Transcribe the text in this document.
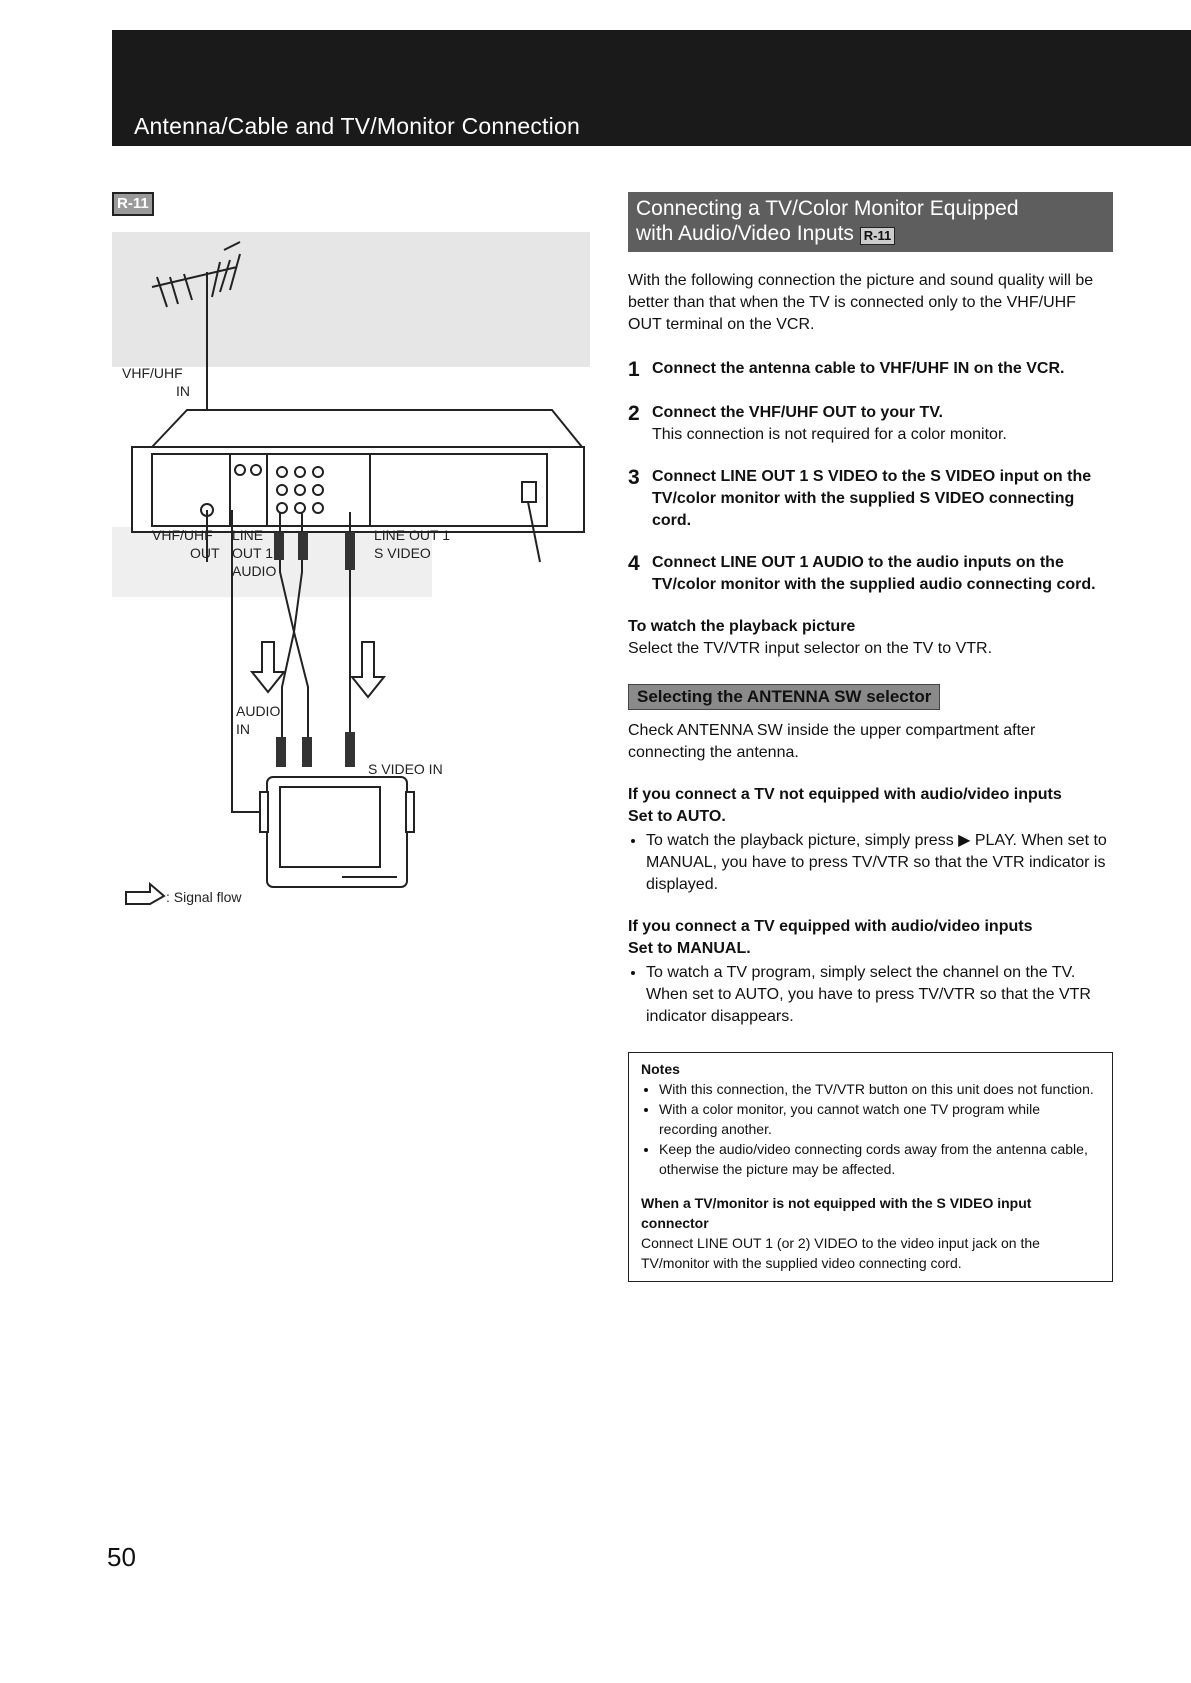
Antenna/Cable and TV/Monitor Connection
R-11
VHF/UHF
IN
VHF/UHF
OUT
LINE
OUT 1
AUDIO
LINE OUT 1
S VIDEO
AUDIO
IN
S VIDEO IN
: Signal flow
Connecting a TV/Color Monitor Equipped
with Audio/Video Inputs R-11

With the following connection the picture and sound quality will be better than that when the TV is connected only to the VHF/UHF OUT terminal on the VCR.

1 Connect the antenna cable to VHF/UHF IN on the VCR.
2 Connect the VHF/UHF OUT to your TV.
This connection is not required for a color monitor.
3 Connect LINE OUT 1 S VIDEO to the S VIDEO input on the TV/color monitor with the supplied S VIDEO connecting cord.
4 Connect LINE OUT 1 AUDIO to the audio inputs on the TV/color monitor with the supplied audio connecting cord.

To watch the playback picture

Select the TV/VTR input selector on the TV to VTR.

Selecting the ANTENNA SW selector

Check ANTENNA SW inside the upper compartment after connecting the antenna.

If you connect a TV not equipped with audio/video inputs

Set to AUTO.

• To watch the playback picture, simply press ▶ PLAY. When set to MANUAL, you have to press TV/VTR so that the VTR indicator is displayed.

If you connect a TV equipped with audio/video inputs

Set to MANUAL.

• To watch a TV program, simply select the channel on the TV. When set to AUTO, you have to press TV/VTR so that the VTR indicator disappears.
Notes
• With this connection, the TV/VTR button on this unit does not function.
• With a color monitor, you cannot watch one TV program while recording another.
• Keep the audio/video connecting cords away from the antenna cable, otherwise the picture may be affected.

When a TV/monitor is not equipped with the S VIDEO input connector

Connect LINE OUT 1 (or 2) VIDEO to the video input jack on the TV/monitor with the supplied video connecting cord.

50
